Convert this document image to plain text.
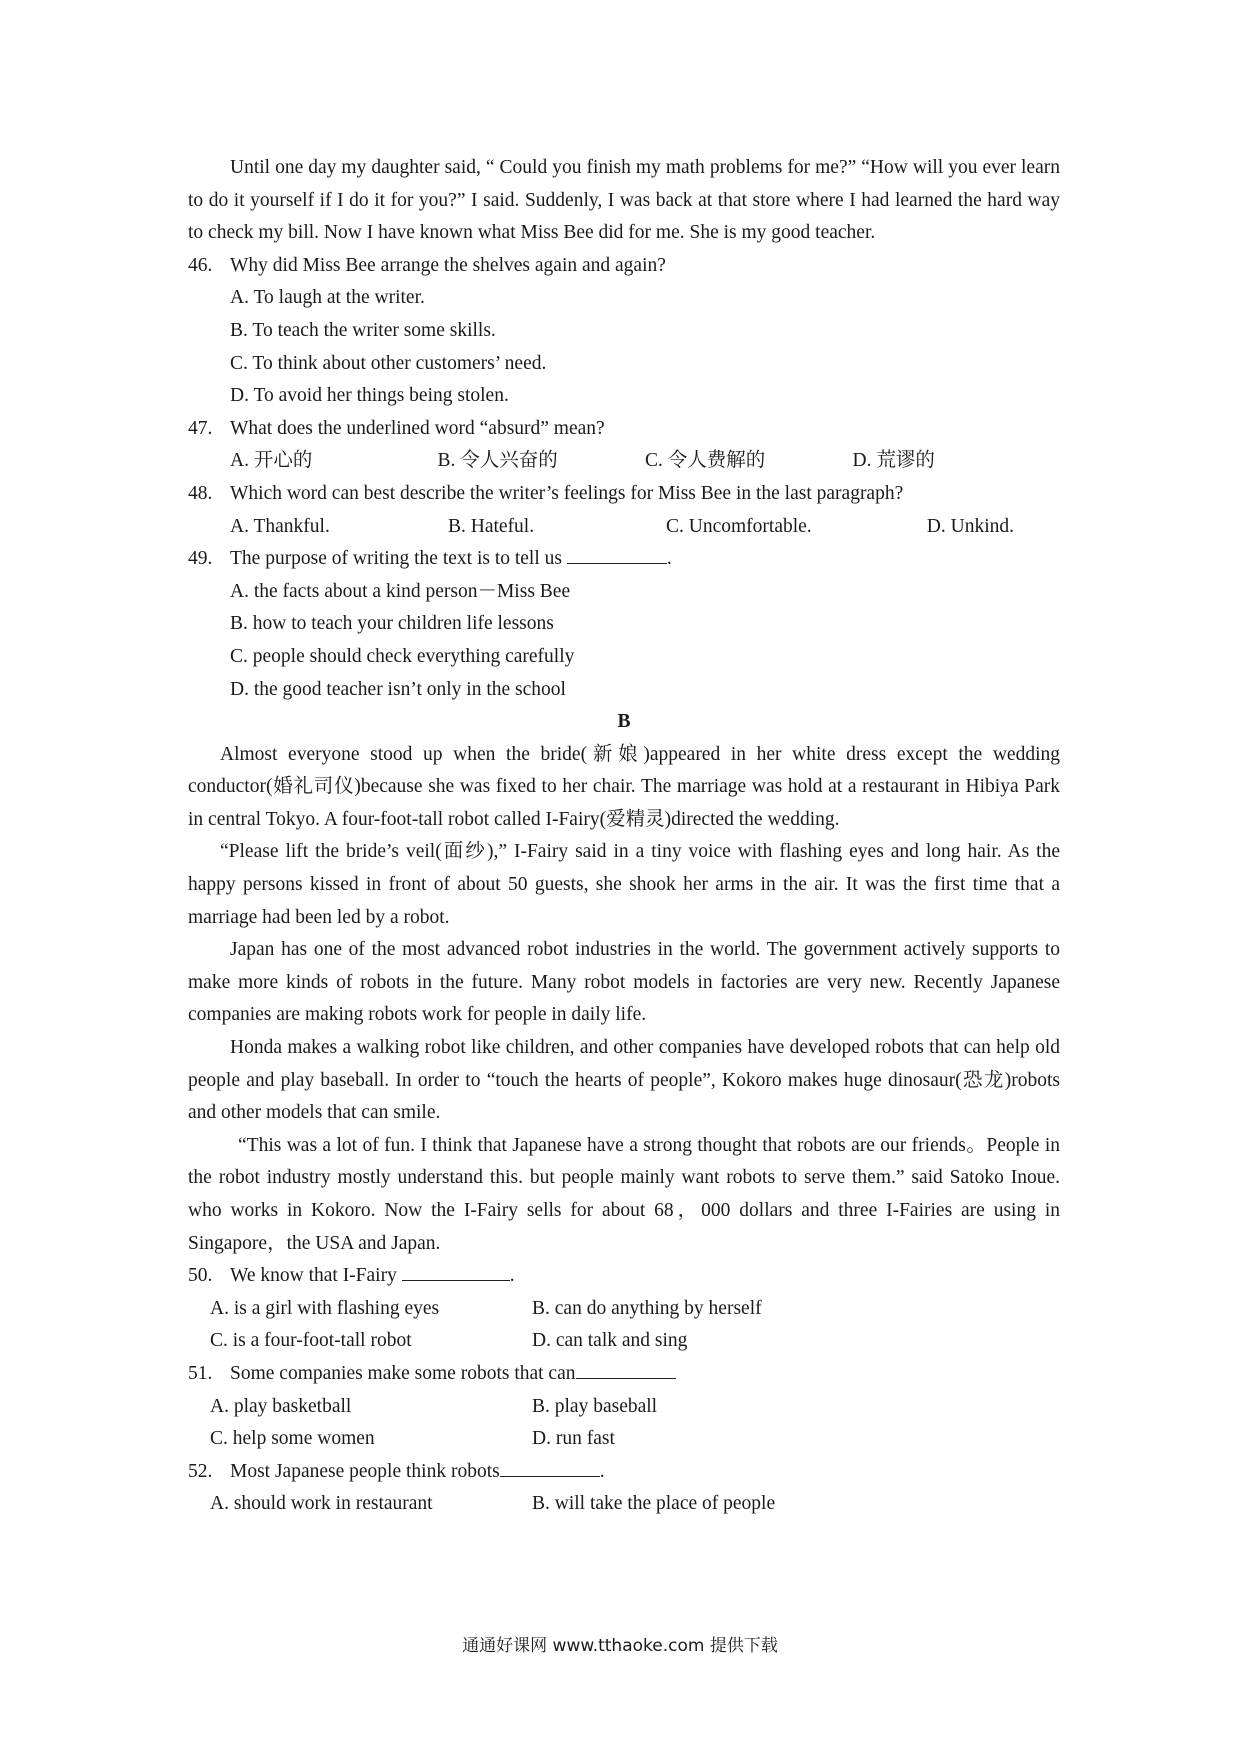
Until one day my daughter said, “ Could you finish my math problems for me?” “How will you ever learn to do it yourself if I do it for you?” I said. Suddenly, I was back at that store where I had learned the hard way to check my bill. Now I have known what Miss Bee did for me. She is my good teacher.

46. Why did Miss Bee arrange the shelves again and again?

A. To laugh at the writer.

B. To teach the writer some skills.

C. To think about other customers’ need.

D. To avoid her things being stolen.

47. What does the underlined word “absurd” mean?

A. 开心的	B. 令人兴奋的	C. 令人费解的	D. 荒谬的

48. Which word can best describe the writer’s feelings for Miss Bee in the last paragraph?

A. Thankful.	B. Hateful.	C. Uncomfortable.	D. Unkind.

49. The purpose of writing the text is to tell us	.

A. the facts about a kind person－Miss Bee

B. how to teach your children life lessons

C. people should check everything carefully

D. the good teacher isn’t only in the school

B

Almost everyone stood up when the bride(新娘)appeared in her white dress except the wedding conductor(婚礼司仪)because she was fixed to her chair. The marriage was hold at a restaurant in Hibiya Park in central Tokyo. A four-foot-tall robot called I-Fairy(爱精灵)directed the wedding.

“Please lift the bride’s veil(面纱),” I-Fairy said in a tiny voice with flashing eyes and long hair. As the happy persons kissed in front of about 50 guests, she shook her arms in the air. It was the first time that a marriage had been led by a robot.

Japan has one of the most advanced robot industries in the world. The government actively supports to make more kinds of robots in the future. Many robot models in factories are very new. Recently Japanese companies are making robots work for people in daily life.

Honda makes a walking robot like children, and other companies have developed robots that can help old people and play baseball. In order to “touch the hearts of people”, Kokoro makes huge dinosaur(恐龙)robots and other models that can smile.

“This was a lot of fun. I think that Japanese have a strong thought that robots are our friends。People in the robot industry mostly understand this. but people mainly want robots to serve them.” said Satoko Inoue. who works in Kokoro. Now the I-Fairy sells for about 68，000 dollars and three I-Fairies are using in Singapore，the USA and Japan.

50. We know that I-Fairy	.

A. is a girl with flashing eyes	B. can do anything by herself
C. is a four-foot-tall robot	D. can talk and sing

51. Some companies make some robots that can

A. play basketball	B. play baseball
C. help some women	D. run fast

52. Most Japanese people think robots	.

A. should work in restaurant	B. will take the place of people
通通好课网 www.tthaoke.com 提供下载
